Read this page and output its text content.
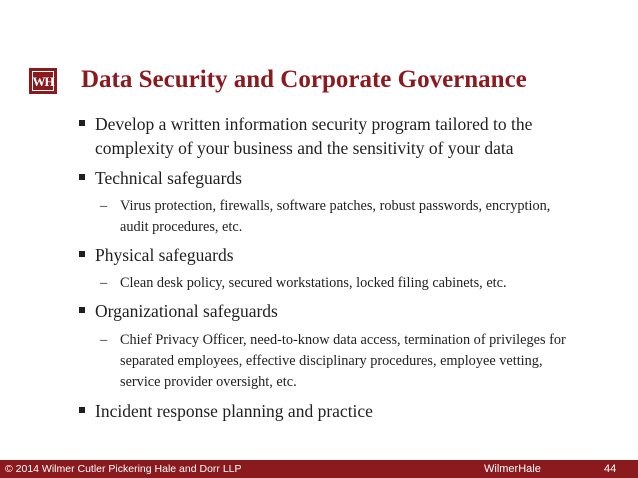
WH Data Security and Corporate Governance
Develop a written information security program tailored to the
complexity of your business and the sensitivity of your data
Technical safeguards
– Virus protection, firewalls, software patches, robust passwords, encryption,
audit procedures, etc.
Physical safeguards
– Clean desk policy, secured workstations, locked filing cabinets, etc.
Organizational safeguards
– Chief Privacy Officer, need-to-know data access, termination of privileges for
separated employees, effective disciplinary procedures, employee vetting,
service provider oversight, etc.
Incident response planning and practice
© 2014 Wilmer Cutler Pickering Hale and Dorr LLP	WilmerHale	44
